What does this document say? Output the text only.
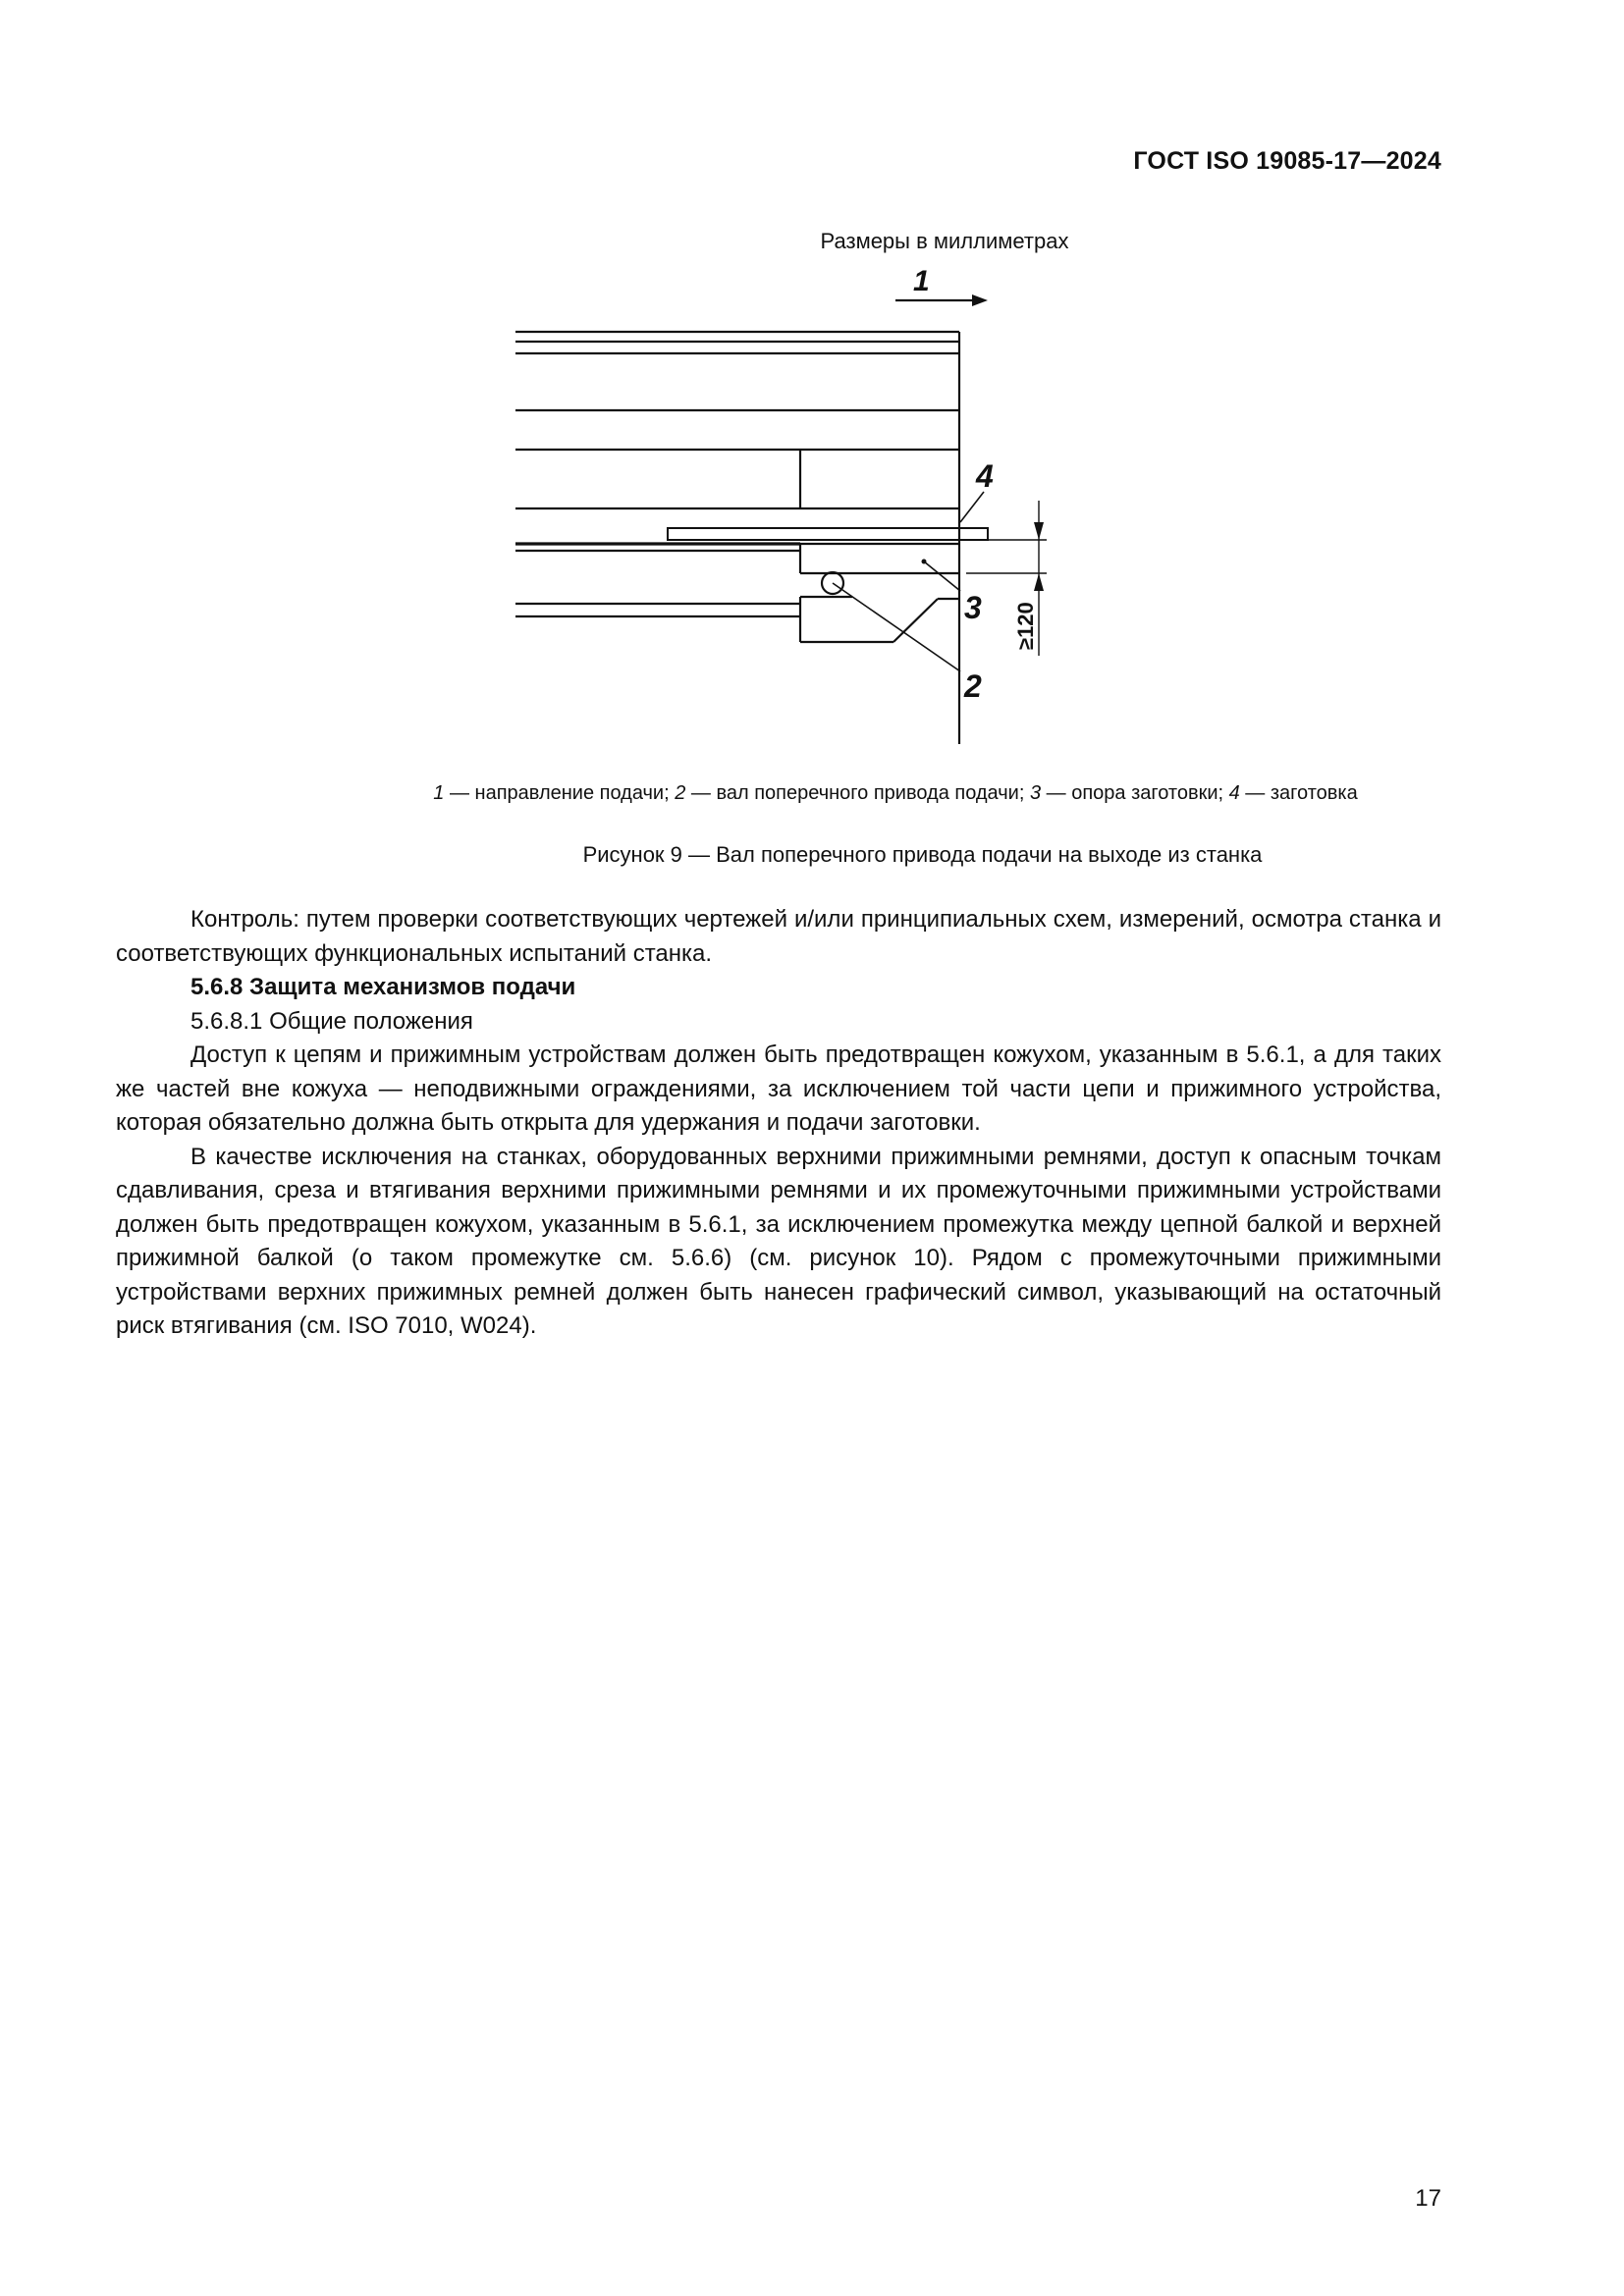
ГОСТ ISO 19085-17—2024
Размеры в миллиметрах
1
4
3
2
≥120
1 — направление подачи; 2 — вал поперечного привода подачи; 3 — опора заготовки; 4 — заготовка
Рисунок 9 — Вал поперечного привода подачи на выходе из станка

Контроль: путем проверки соответствующих чертежей и/или принципиальных схем, измерений, осмотра станка и соответствующих функциональных испытаний станка.

5.6.8 Защита механизмов подачи

5.6.8.1 Общие положения

Доступ к цепям и прижимным устройствам должен быть предотвращен кожухом, указанным в 5.6.1, а для таких же частей вне кожуха — неподвижными ограждениями, за исключением той части цепи и прижимного устройства, которая обязательно должна быть открыта для удержания и подачи заготовки.

В качестве исключения на станках, оборудованных верхними прижимными ремнями, доступ к опасным точкам сдавливания, среза и втягивания верхними прижимными ремнями и их промежуточными прижимными устройствами должен быть предотвращен кожухом, указанным в 5.6.1, за исключением промежутка между цепной балкой и верхней прижимной балкой (о таком промежутке см. 5.6.6) (см. рисунок 10). Рядом с промежуточными прижимными устройствами верхних прижимных ремней должен быть нанесен графический символ, указывающий на остаточный риск втягивания (см. ISO 7010, W024).

17
